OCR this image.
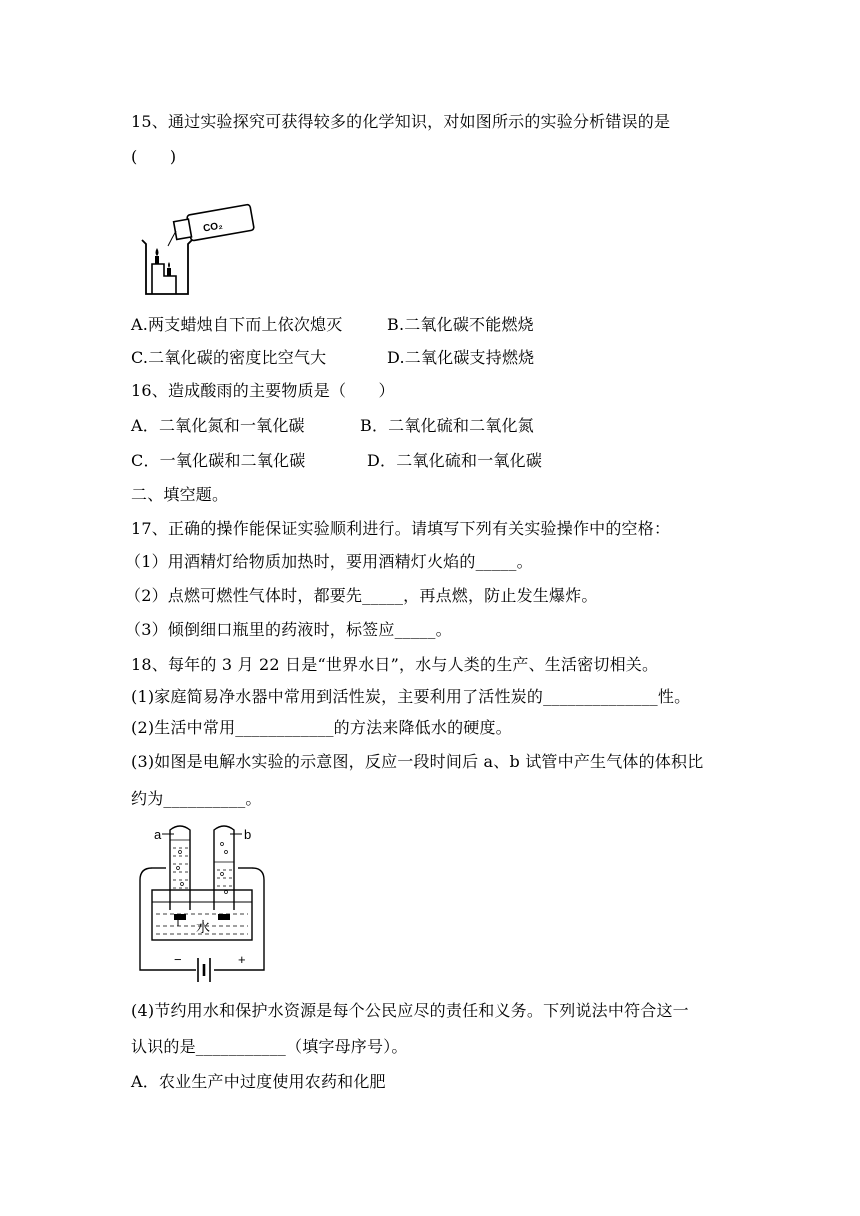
15、通过实验探究可获得较多的化学知识，对如图所示的实验分析错误的是
(　　)
CO₂
A.两支蜡烛自下而上依次熄灭	B.二氧化碳不能燃烧
C.二氧化碳的密度比空气大	D.二氧化碳支持燃烧
16、造成酸雨的主要物质是（　　）
A．二氧化氮和一氧化碳	B．二氧化硫和二氧化氮
C．一氧化碳和二氧化碳	D．二氧化硫和一氧化碳
二、填空题。
17、正确的操作能保证实验顺利进行。请填写下列有关实验操作中的空格：
（1）用酒精灯给物质加热时，要用酒精灯火焰的_____。
（2）点燃可燃性气体时，都要先_____，再点燃，防止发生爆炸。
（3）倾倒细口瓶里的药液时，标签应_____。
18、每年的 3 月 22 日是“世界水日”，水与人类的生产、生活密切相关。
(1)家庭简易净水器中常用到活性炭，主要利用了活性炭的______________性。
(2)生活中常用____________的方法来降低水的硬度。
(3)如图是电解水实验的示意图，反应一段时间后 a、b 试管中产生气体的体积比
约为__________。
a	b
水
−	+
(4)节约用水和保护水资源是每个公民应尽的责任和义务。下列说法中符合这一
认识的是___________（填字母序号）。
A．农业生产中过度使用农药和化肥
